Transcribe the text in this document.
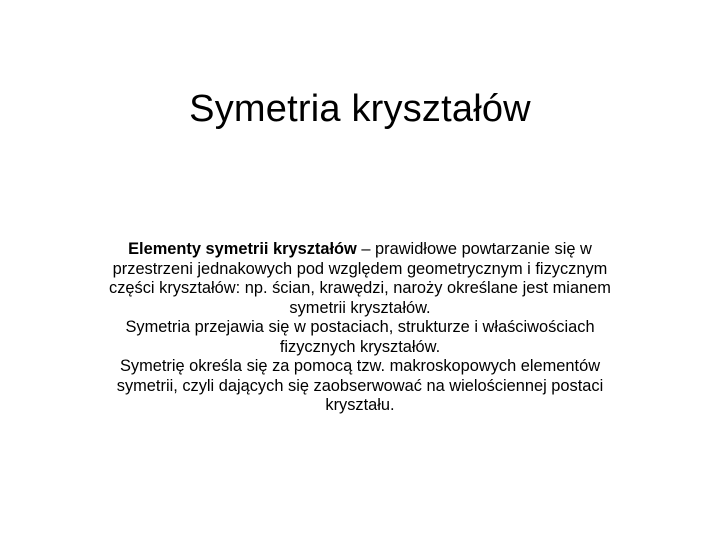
Symetria kryształów

Elementy symetrii kryształów – prawidłowe powtarzanie się w przestrzeni jednakowych pod względem geometrycznym i fizycznym części kryształów: np. ścian, krawędzi, naroży określane jest mianem symetrii kryształów.

Symetria przejawia się w postaciach, strukturze i właściwościach fizycznych kryształów.

Symetrię określa się za pomocą tzw. makroskopowych elementów symetrii, czyli dających się zaobserwować na wielościennej postaci kryształu.
